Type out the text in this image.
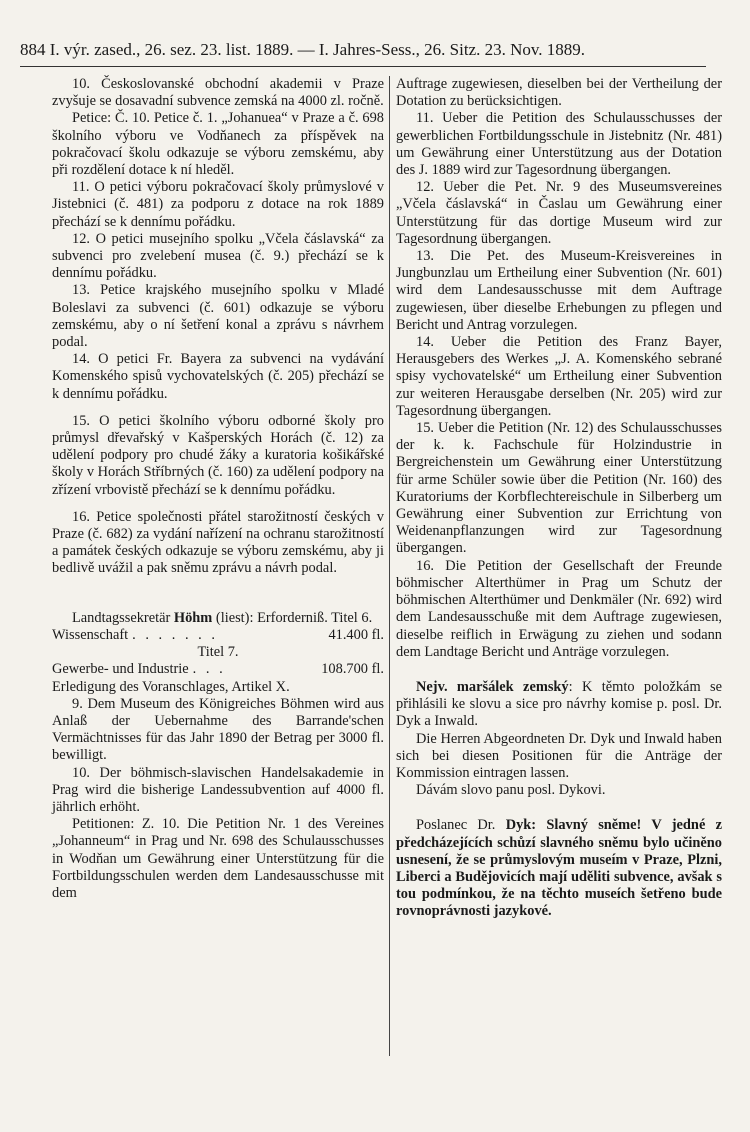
884 I. výr. zased., 26. sez. 23. list. 1889. — I. Jahres-Sess., 26. Sitz. 23. Nov. 1889.

10. Českoslovanské obchodní akademii v Praze zvyšuje se dosavadní subvence zemská na 4000 zl. ročně.

Petice: Č. 10. Petice č. 1. „Johanuea“ v Praze a č. 698 školního výboru ve Vodňanech za příspěvek na pokračovací školu odkazuje se výboru zemskému, aby při rozdělení dotace k ní hleděl.

11. O petici výboru pokračovací školy průmyslové v Jistebnici (č. 481) za podporu z dotace na rok 1889 přechází se k dennímu pořádku.

12. O petici musejního spolku „Včela čáslavská“ za subvenci pro zvelebení musea (č. 9.) přechází se k dennímu pořádku.

13. Petice krajského musejního spolku v Mladé Boleslavi za subvenci (č. 601) odkazuje se výboru zemskému, aby o ní šetření konal a zprávu s návrhem podal.

14. O petici Fr. Bayera za subvenci na vydávání Komenského spisů vychovatelských (č. 205) přechází se k dennímu pořádku.

15. O petici školního výboru odborné školy pro průmysl dřevařský v Kašperských Horách (č. 12) za udělení podpory pro chudé žáky a kuratoria košikářské školy v Horách Stříbrných (č. 160) za udělení podpory na zřízení vrbovistě přechází se k dennímu pořádku.

16. Petice společnosti přátel starožitností českých v Praze (č. 682) za vydání nařízení na ochranu starožitností a památek českých odkazuje se výboru zemskému, aby ji bedlivě uvážil a pak sněmu zprávu a návrh podal.

Landtagssekretär Höhm (liest): Erforderniß. Titel 6.

Wissenschaft . . . . . . .	41.400 fl.

Titel 7.

Gewerbe- und Industrie . . .	108.700 fl.

Erledigung des Voranschlages, Artikel X.

9. Dem Museum des Königreiches Böhmen wird aus Anlaß der Uebernahme des Barrande'schen Vermächtnisses für das Jahr 1890 der Betrag per 3000 fl. bewilligt.

10. Der böhmisch-slavischen Handelsakademie in Prag wird die bisherige Landessubvention auf 4000 fl. jährlich erhöht.

Petitionen: Z. 10. Die Petition Nr. 1 des Vereines „Johanneum“ in Prag und Nr. 698 des Schulausschusses in Wodňan um Gewährung einer Unterstützung für die Fortbildungsschulen werden dem Landesausschusse mit dem

Auftrage zugewiesen, dieselben bei der Vertheilung der Dotation zu berücksichtigen.

11. Ueber die Petition des Schulausschusses der gewerblichen Fortbildungsschule in Jistebnitz (Nr. 481) um Gewährung einer Unterstützung aus der Dotation des J. 1889 wird zur Tagesordnung übergangen.

12. Ueber die Pet. Nr. 9 des Museumsvereines „Včela čáslavská“ in Časlau um Gewährung einer Unterstützung für das dortige Museum wird zur Tagesordnung übergangen.

13. Die Pet. des Museum-Kreisvereines in Jungbunzlau um Ertheilung einer Subvention (Nr. 601) wird dem Landesausschusse mit dem Auftrage zugewiesen, über dieselbe Erhebungen zu pflegen und Bericht und Antrag vorzulegen.

14. Ueber die Petition des Franz Bayer, Herausgebers des Werkes „J. A. Komenského sebrané spisy vychovatelské“ um Ertheilung einer Subvention zur weiteren Herausgabe derselben (Nr. 205) wird zur Tagesordnung übergangen.

15. Ueber die Petition (Nr. 12) des Schulausschusses der k. k. Fachschule für Holzindustrie in Bergreichenstein um Gewährung einer Unterstützung für arme Schüler sowie über die Petition (Nr. 160) des Kuratoriums der Korbflechtereischule in Silberberg um Gewährung einer Subvention zur Errichtung von Weidenanpflanzungen wird zur Tagesordnung übergangen.

16. Die Petition der Gesellschaft der Freunde böhmischer Alterthümer in Prag um Schutz der böhmischen Alterthümer und Denkmäler (Nr. 692) wird dem Landesausschuße mit dem Auftrage zugewiesen, dieselbe reiflich in Erwägung zu ziehen und sodann dem Landtage Bericht und Anträge vorzulegen.

Nejv. maršálek zemský: K těmto položkám se přihlásili ke slovu a sice pro návrhy komise p. posl. Dr. Dyk a Inwald.

Die Herren Abgeordneten Dr. Dyk und Inwald haben sich bei diesen Positionen für die Anträge der Kommission eintragen lassen.

Dávám slovo panu posl. Dykovi.

Poslanec Dr. Dyk: Slavný sněme! V jedné z předcházejících schůzí slavného sněmu bylo učiněno usnesení, že se průmyslovým museím v Praze, Plzni, Liberci a Budějovicích mají uděliti subvence, avšak s tou podmínkou, že na těchto museích šetřeno bude rovnoprávnosti jazykové.
